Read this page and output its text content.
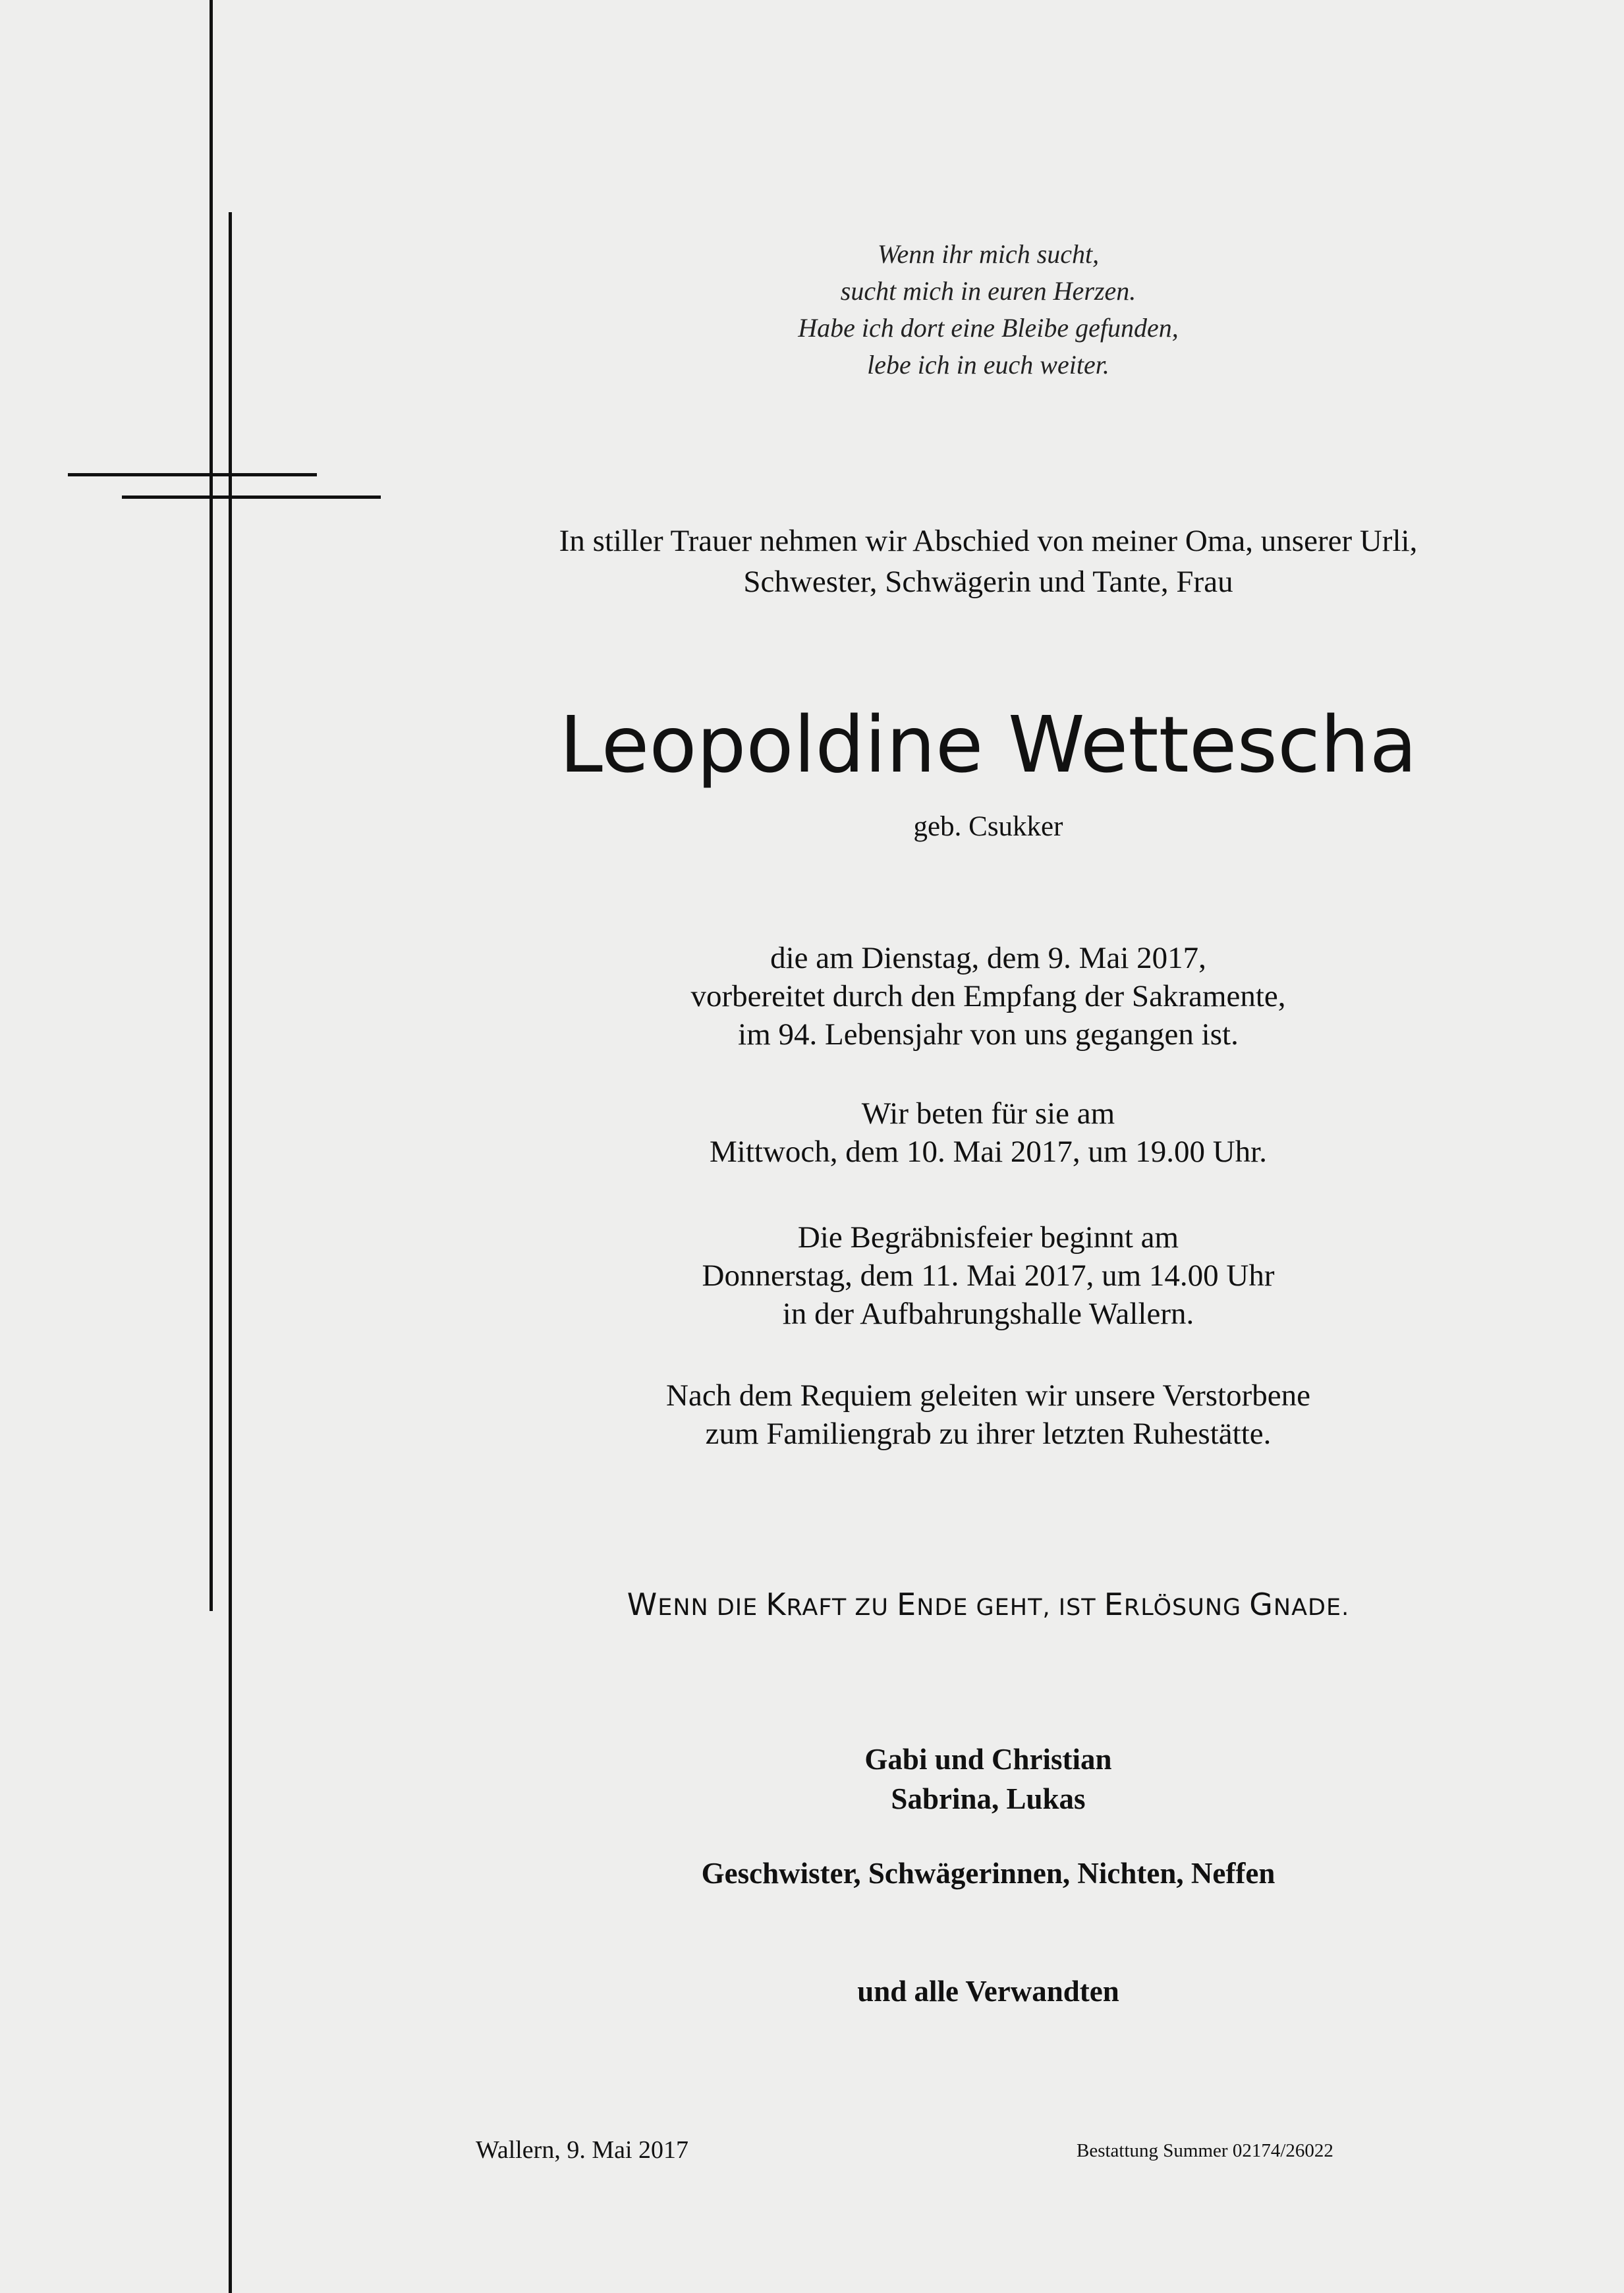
Wenn ihr mich sucht,
sucht mich in euren Herzen.
Habe ich dort eine Bleibe gefunden,
lebe ich in euch weiter.
In stiller Trauer nehmen wir Abschied von meiner Oma, unserer Urli,
Schwester, Schwägerin und Tante, Frau
Leopoldine Wettescha
geb. Csukker
die am Dienstag, dem 9. Mai 2017,
vorbereitet durch den Empfang der Sakramente,
im 94. Lebensjahr von uns gegangen ist.
Wir beten für sie am
Mittwoch, dem 10. Mai 2017, um 19.00 Uhr.
Die Begräbnisfeier beginnt am
Donnerstag, dem 11. Mai 2017, um 14.00 Uhr
in der Aufbahrungshalle Wallern.
Nach dem Requiem geleiten wir unsere Verstorbene
zum Familiengrab zu ihrer letzten Ruhestätte.
WENN DIE KRAFT ZU ENDE GEHT, IST ERLÖSUNG GNADE.
Gabi und Christian
Sabrina, Lukas
Geschwister, Schwägerinnen, Nichten, Neffen
und alle Verwandten
Wallern, 9. Mai 2017	Bestattung Summer 02174/26022
